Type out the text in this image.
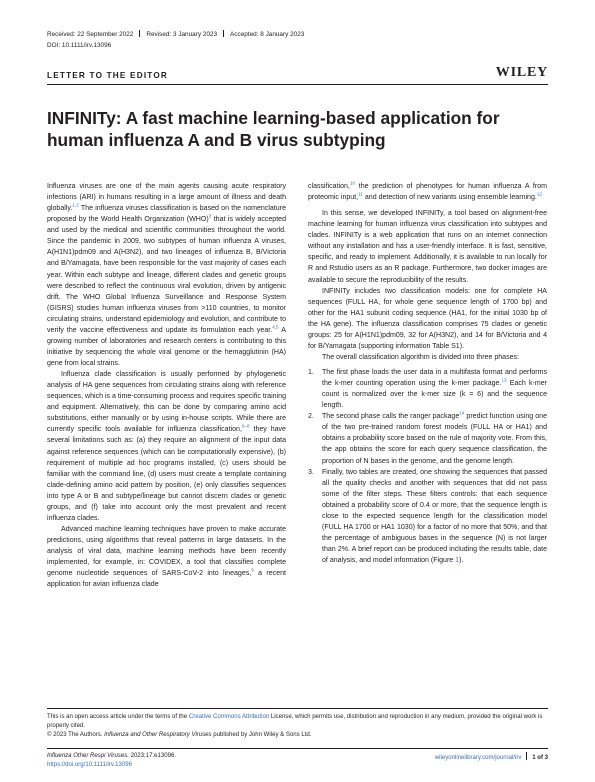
Received: 22 September 2022 Revised: 3 January 2023 Accepted: 8 January 2023
DOI: 10.1111/irv.13096
LETTER TO THE EDITOR	WILEY
INFINITy: A fast machine learning-based application for human influenza A and B virus subtyping

Influenza viruses are one of the main agents causing acute respiratory infections (ARI) in humans resulting in a large amount of illness and death globally.$^{1,2}$ The influenza viruses classification is based on the nomenclature proposed by the World Health Organization (WHO)$^3$ that is widely accepted and used by the medical and scientific communities throughout the world. Since the pandemic in 2009, two subtypes of human influenza A viruses, A(H1N1)pdm09 and A(H3N2), and two lineages of influenza B, B/Victoria and B/Yamagata, have been responsible for the vast majority of cases each year. Within each subtype and lineage, different clades and genetic groups were described to reflect the continuous viral evolution, driven by antigenic drift. The WHO Global Influenza Surveillance and Response System (GISRS) studies human influenza viruses from >110 countries, to monitor circulating strains, understand epidemiology and evolution, and contribute to verify the vaccine effectiveness and update its formulation each year.$^{4,5}$ A growing number of laboratories and research centers is contributing to this initiative by sequencing the whole viral genome or the hemagglutinin (HA) gene from local strains.

Influenza clade classification is usually performed by phylogenetic analysis of HA gene sequences from circulating strains along with reference sequences, which is a time-consuming process and requires specific training and equipment. Alternatively, this can be done by comparing amino acid substitutions, either manually or by using in-house scripts. While there are currently specific tools available for influenza classification,$^{6-8}$ they have several limitations such as: (a) they require an alignment of the input data against reference sequences (which can be computationally expensive), (b) requirement of multiple ad hoc programs installed, (c) users should be familiar with the command line, (d) users must create a template containing clade-defining amino acid pattern by position, (e) only classifies sequences into type A or B and subtype/lineage but cannot discern clades or genetic groups, and (f) take into account only the most prevalent and recent influenza clades.

Advanced machine learning techniques have proven to make accurate predictions, using algorithms that reveal patterns in large datasets. In the analysis of viral data, machine learning methods have been recently implemented, for example, in: COVIDEX, a tool that classifies complete genome nucleotide sequences of SARS-CoV-2 into lineages,$^9$ a recent application for avian influenza clade

classification,$^{10}$ the prediction of phenotypes for human influenza A from proteomic input,$^{11}$ and detection of new variants using ensemble learning.$^{12}$

In this sense, we developed INFINITy, a tool based on alignment-free machine learning for human influenza virus classification into subtypes and clades. INFINITy is a web application that runs on an internet connection without any installation and has a user-friendly interface. It is fast, sensitive, specific, and ready to implement. Additionally, it is available to run locally for R and Rstudio users as an R package. Furthermore, two docker images are available to secure the reproducibility of the results.

INFINITy includes two classification models: one for complete HA sequences (FULL HA, for whole gene sequence length of 1700 bp) and other for the HA1 subunit coding sequence (HA1, for the initial 1030 bp of the HA gene). The influenza classification comprises 75 clades or genetic groups: 25 for A(H1N1)pdm09, 32 for A(H3N2), and 14 for B/Victoria and 4 for B/Yamagata (supporting information Table S1).

The overall classification algorithm is divided into three phases:

1. The first phase loads the user data in a multifasta format and performs the k-mer counting operation using the k-mer package.$^{13}$ Each k-mer count is normalized over the k-mer size (k = 6) and the sequence length.
2. The second phase calls the ranger package$^{14}$ predict function using one of the two pre-trained random forest models (FULL HA or HA1) and obtains a probability score based on the rule of majority vote. From this, the app obtains the score for each query sequence classification, the proportion of N bases in the genome, and the genome length.
3. Finally, two tables are created, one showing the sequences that passed all the quality checks and another with sequences that did not pass some of the filter steps. These filters controls: that each sequence obtained a probability score of 0.4 or more, that the sequence length is close to the expected sequence length for the classification model (FULL HA 1700 or HA1 1030) for a factor of no more that 50%, and that the percentage of ambiguous bases in the sequence (N) is not larger than 2%. A brief report can be produced including the results table, date of analysis, and model information (Figure 1).

This is an open access article under the terms of the Creative Commons Attribution License, which permits use, distribution and reproduction in any medium, provided the original work is properly cited.

© 2023 The Authors. Influenza and Other Respiratory Viruses published by John Wiley & Sons Ltd.

Influenza Other Respi Viruses. 2023;17:e13096.
https://doi.org/10.1111/irv.13096
wileyonlinelibrary.com/journal/irv 1 of 3
